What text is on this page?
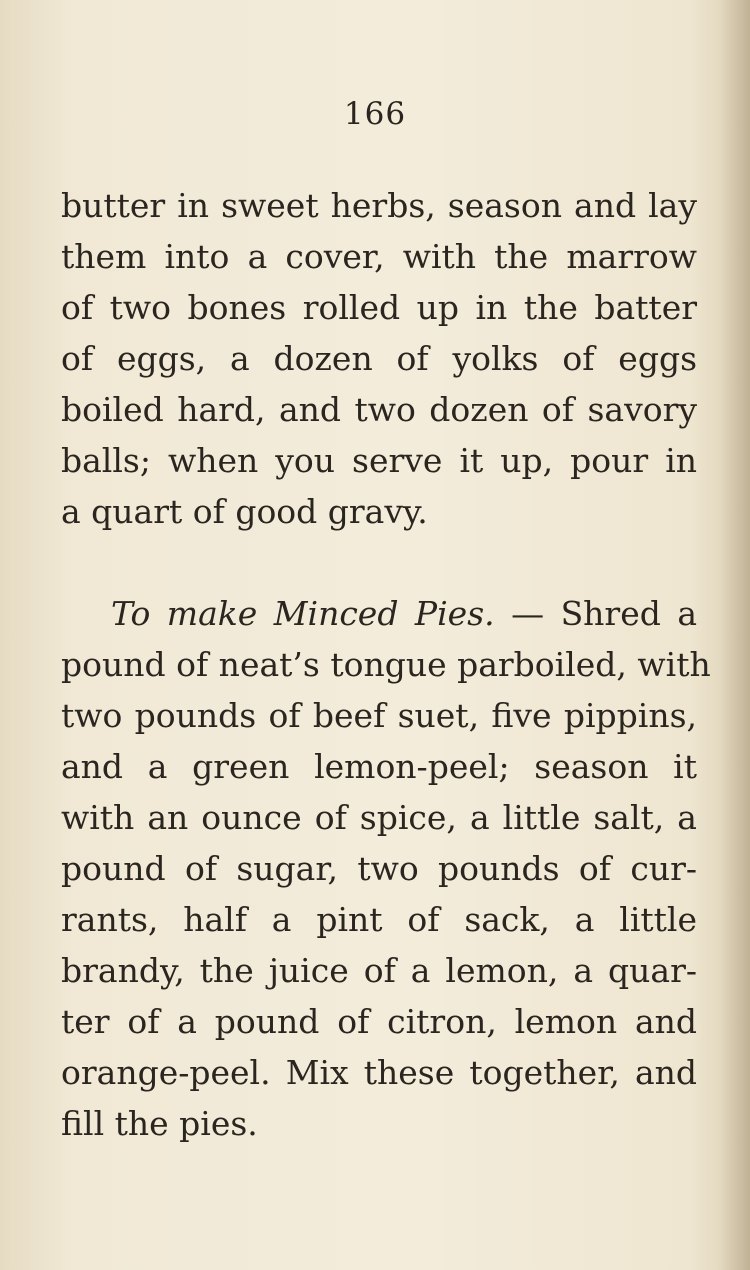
166
butter in sweet herbs, season and lay
them into a cover, with the marrow
of two bones rolled up in the batter
of eggs, a dozen of yolks of eggs
boiled hard, and two dozen of savory
balls; when you serve it up, pour in
a quart of good gravy.
To make Minced Pies. — Shred a
pound of neat’s tongue parboiled, with
two pounds of beef suet, five pippins,
and a green lemon-peel; season it
with an ounce of spice, a little salt, a
pound of sugar, two pounds of cur-
rants, half a pint of sack, a little
brandy, the juice of a lemon, a quar-
ter of a pound of citron, lemon and
orange-peel. Mix these together, and
fill the pies.
